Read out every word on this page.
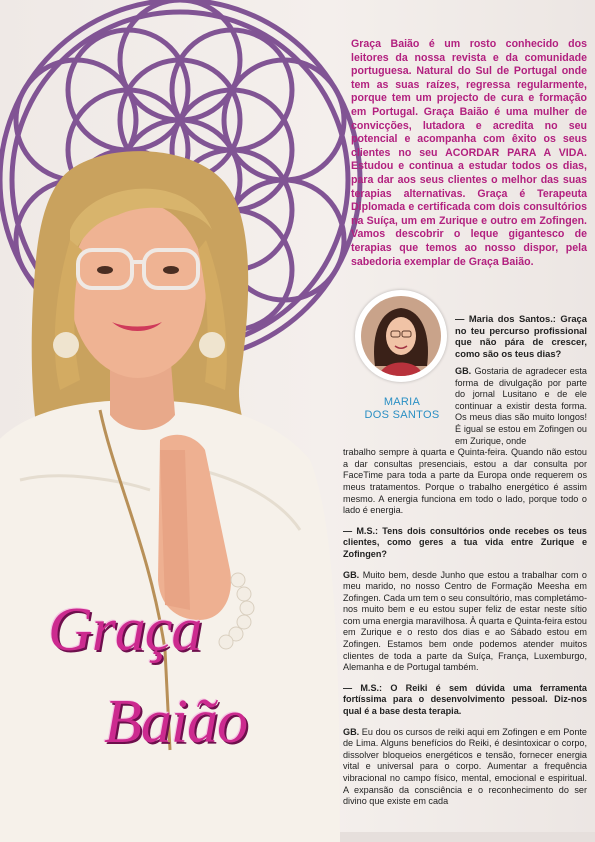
Graça Baião é um rosto conhecido dos leitores da nossa revista e da comunidade portuguesa. Natural do Sul de Portugal onde tem as suas raízes, regressa regularmente, porque tem um projecto de cura e formação em Portugal. Graça Baião é uma mulher de convicções, lutadora e acredita no seu potencial e acompanha com êxito os seus clientes no seu ACORDAR PARA A VIDA. Estudou e continua a estudar todos os dias, para dar aos seus clientes o melhor das suas terapias alternativas. Graça é Terapeuta Diplomada e certificada com dois consultórios na Suíça, um em Zurique e outro em Zofingen. Vamos descobrir o leque gigantesco de terapias que temos ao nosso dispor, pela sabedoria exemplar de Graça Baião.

MARIA
DOS SANTOS

— Maria dos Santos.: Graça no teu percurso profissional que não pára de crescer, como são os teus dias?

GB. Gostaria de agradecer esta forma de divulgação por parte do jornal Lusitano e de ele continuar a existir desta forma. Os meus dias são muito longos! É igual se estou em Zofingen ou em Zurique, onde

trabalho sempre à quarta e Quinta-feira. Quando não estou a dar consultas presenciais, estou a dar consulta por FaceTime para toda a parte da Europa onde requerem os meus tratamentos. Porque o trabalho energético é assim mesmo. A energia funciona em todo o lado, porque todo o lado é energia.

— M.S.: Tens dois consultórios onde recebes os teus clientes, como geres a tua vida entre Zurique e Zofingen?

GB. Muito bem, desde Junho que estou a trabalhar com o meu marido, no nosso Centro de Formação Meesha em Zofingen. Cada um tem o seu consultório, mas completámo-nos muito bem e eu estou super feliz de estar neste sítio com uma energia maravilhosa. À quarta e Quinta-feira estou em Zurique e o resto dos dias e ao Sábado estou em Zofingen. Estamos bem onde podemos atender muitos clientes de toda a parte da Suíça, França, Luxemburgo, Alemanha e de Portugal também.

— M.S.: O Reiki é sem dúvida uma ferramenta fortíssima para o desenvolvimento pessoal. Diz-nos qual é a base desta terapia.

GB. Eu dou os cursos de reiki aqui em Zofingen e em Ponte de Lima. Alguns benefícios do Reiki, é desintoxicar o corpo, dissolver bloqueios energéticos e tensão, fornecer energia vital e universal para o corpo. Aumentar a frequência vibracional no campo físico, mental, emocional e espiritual. A expansão da consciência e o reconhecimento do ser divino que existe em cada

Graça
Baião
